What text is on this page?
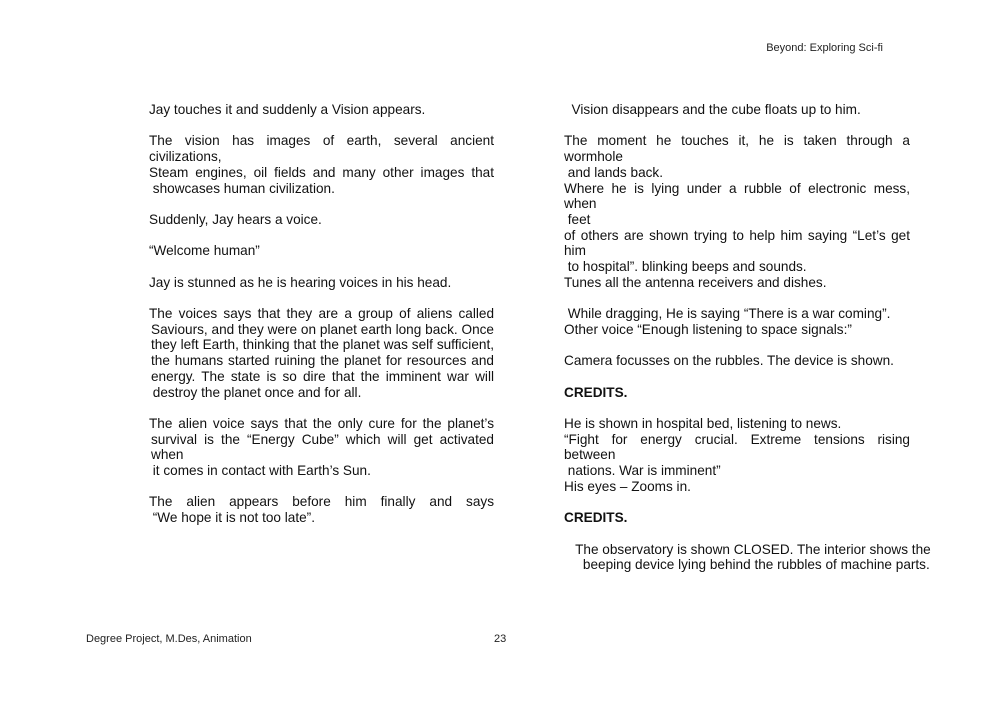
Beyond: Exploring Sci-fi

Jay touches it and suddenly a Vision appears.

The vision has images of earth, several ancient civilizations,

Steam engines, oil fields and many other images that

showcases human civilization.

Suddenly, Jay hears a voice.

“Welcome human”

Jay is stunned as he is hearing voices in his head.

The voices says that they are a group of aliens called

Saviours, and they were on planet earth long back. Once

they left Earth, thinking that the planet was self sufficient,

the humans started ruining the planet for resources and

energy. The state is so dire that the imminent war will

destroy the planet once and for all.

The alien voice says that the only cure for the planet’s

survival is the “Energy Cube” which will get activated when

it comes in contact with Earth’s Sun.

The alien appears before him finally and says

“We hope it is not too late”.

Vision disappears and the cube floats up to him.

The moment he touches it, he is taken through a wormhole

and lands back.

Where he is lying under a rubble of electronic mess, when

feet

of others are shown trying to help him saying “Let’s get him

to hospital”. blinking beeps and sounds.

Tunes all the antenna receivers and dishes.

While dragging, He is saying “There is a war coming”.

Other voice “Enough listening to space signals:”

Camera focusses on the rubbles. The device is shown.

CREDITS.

He is shown in hospital bed, listening to news.

“Fight for energy crucial. Extreme tensions rising between

nations. War is imminent”

His eyes – Zooms in.

CREDITS.

The observatory is shown CLOSED. The interior shows the

beeping device lying behind the rubbles of machine parts.

Degree Project, M.Des, Animation	23
